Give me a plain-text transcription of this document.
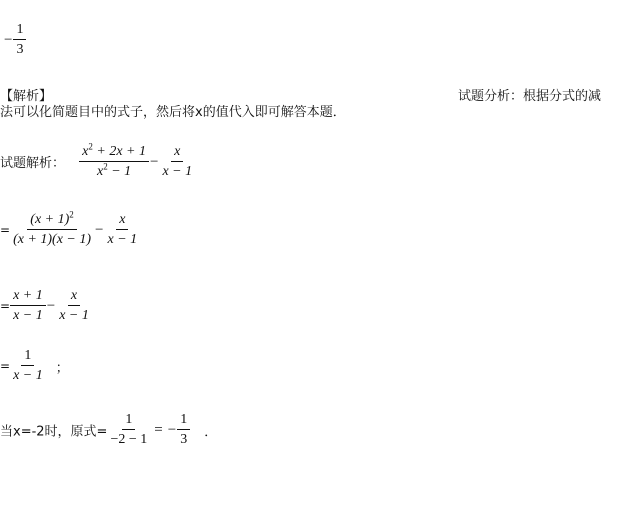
− $\frac{1}{3}$
【解析】	试题分析：根据分式的减
法可以化简题目中的式子，然后将x的值代入即可解答本题．
试题解析： $\frac{x^2 + 2x + 1}{x^2 - 1} - \frac{x}{x - 1}$
= $\frac{(x + 1)^2}{(x + 1)(x - 1)} - \frac{x}{x - 1}$
= $\frac{x + 1}{x - 1} - \frac{x}{x - 1}$
= $\frac{1}{x - 1}$ ；
当x=-2时，原式= $\frac{1}{-2 - 1}$ = − $\frac{1}{3}$ ．
